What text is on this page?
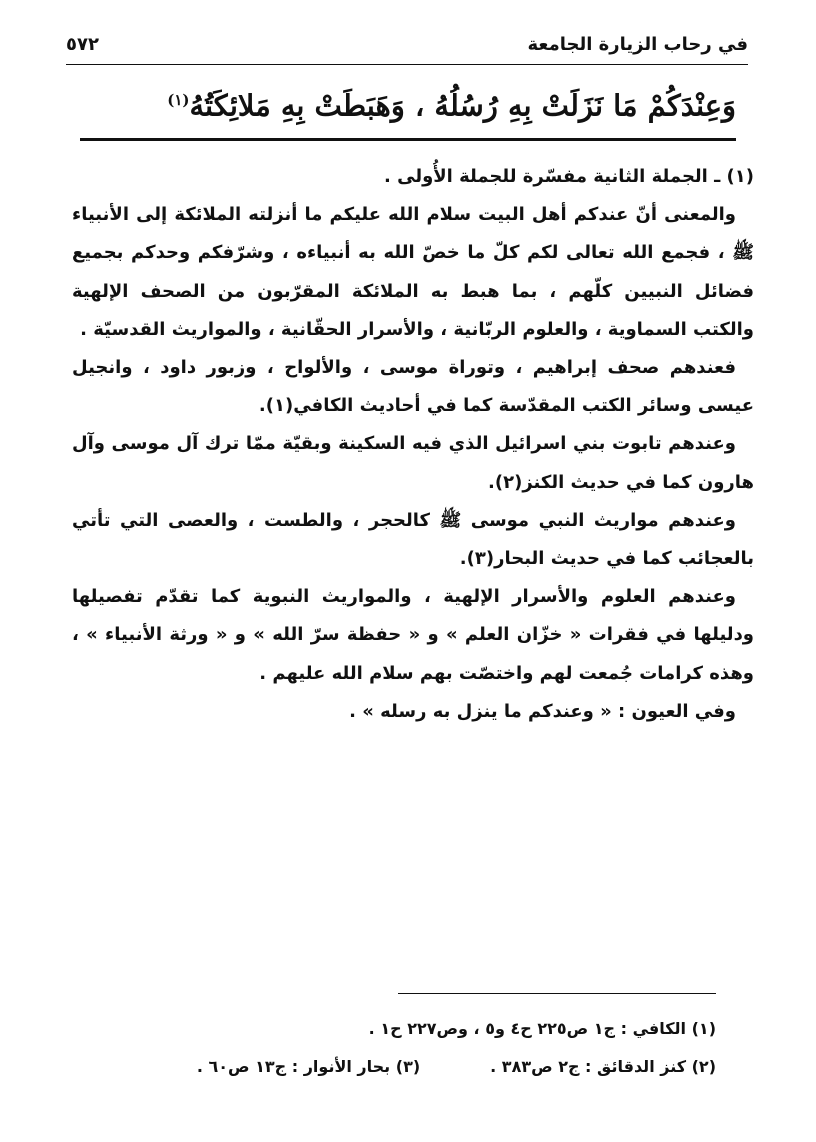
في رحاب الزيارة الجامعة
٥٧٢
وَعِنْدَكُمْ مَا نَزَلَتْ بِهِ رُسُلُهُ ، وَهَبَطَتْ بِهِ مَلائِكَتُهُ$^{(١)}$

(١) ـ الجملة الثانية مفسّرة للجملة الأُولى .

والمعنى أنّ عندكم أهل البيت سلام الله عليكم ما أنزلته الملائكة إلى الأنبياء ﷺ ، فجمع الله تعالى لكم كلّ ما خصّ الله به أنبياءه ، وشرّفكم وحدكم بجميع فضائل النبيين كلّهم ، بما هبط به الملائكة المقرّبون من الصحف الإلهية والكتب السماوية ، والعلوم الربّانية ، والأسرار الحقّانية ، والمواريث القدسيّة .

فعندهم صحف إبراهيم ، وتوراة موسى ، والألواح ، وزبور داود ، وانجيل عيسى وسائر الكتب المقدّسة كما في أحاديث الكافي(١).

وعندهم تابوت بني اسرائيل الذي فيه السكينة وبقيّة ممّا ترك آل موسى وآل هارون كما في حديث الكنز(٢).

وعندهم مواريث النبي موسى ﷺ كالحجر ، والطست ، والعصى التي تأتي بالعجائب كما في حديث البحار(٣).

وعندهم العلوم والأسرار الإلهية ، والمواريث النبوية كما تقدّم تفصيلها ودليلها في فقرات « خزّان العلم » و « حفظة سرّ الله » و « ورثة الأنبياء » ، وهذه كرامات جُمعت لهم واختصّت بهم سلام الله عليهم .

وفي العيون : « وعندكم ما ينزل به رسله » .

(١) الكافي : ج١ ص٢٢٥ ح٤ و٥ ، وص٢٢٧ ح١ .
(٢) كنز الدقائق : ج٢ ص٣٨٣ .
(٣) بحار الأنوار : ج١٣ ص٦٠ .
